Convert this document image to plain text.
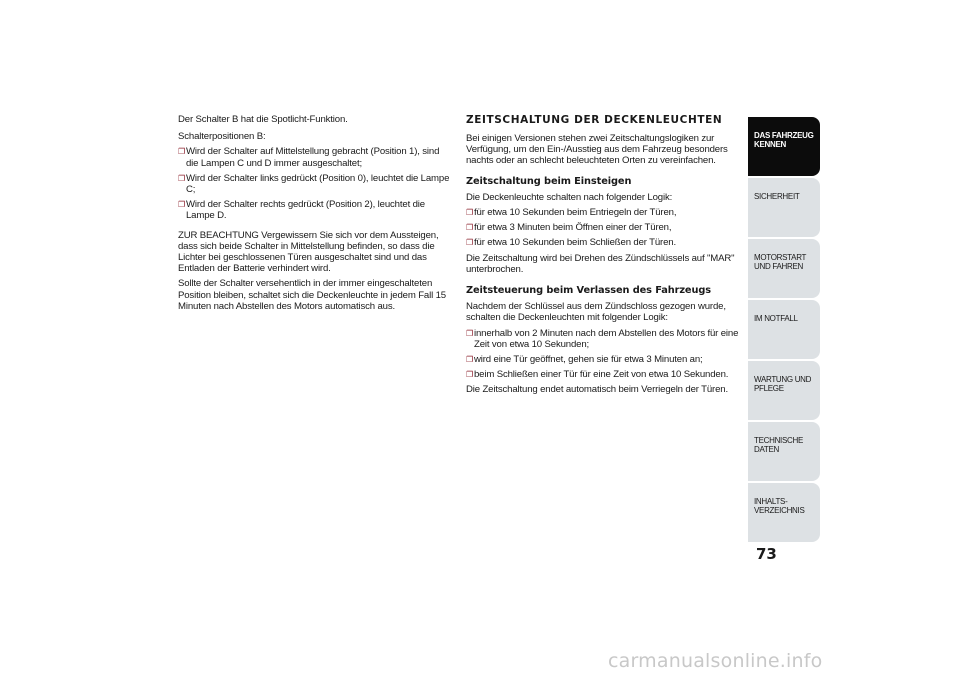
Der Schalter B hat die Spotlicht-Funktion.

Schalterpositionen B:

❐ Wird der Schalter auf Mittelstellung gebracht (Position 1), sind die Lampen C und D immer ausgeschaltet;
❐ Wird der Schalter links gedrückt (Position 0), leuchtet die Lampe C;
❐ Wird der Schalter rechts gedrückt (Position 2), leuchtet die Lampe D.

ZUR BEACHTUNG Vergewissern Sie sich vor dem Aussteigen, dass sich beide Schalter in Mittelstellung befinden, so dass die Lichter bei geschlossenen Türen ausgeschaltet sind und das Entladen der Batterie verhindert wird.

Sollte der Schalter versehentlich in der immer eingeschalteten Position bleiben, schaltet sich die Deckenleuchte in jedem Fall 15 Minuten nach Abstellen des Motors automatisch aus.

ZEITSCHALTUNG DER DECKENLEUCHTEN

Bei einigen Versionen stehen zwei Zeitschaltungslogiken zur Verfügung, um den Ein-/Ausstieg aus dem Fahrzeug besonders nachts oder an schlecht beleuchteten Orten zu vereinfachen.

Zeitschaltung beim Einsteigen

Die Deckenleuchte schalten nach folgender Logik:

❐ für etwa 10 Sekunden beim Entriegeln der Türen,
❐ für etwa 3 Minuten beim Öffnen einer der Türen,
❐ für etwa 10 Sekunden beim Schließen der Türen.

Die Zeitschaltung wird bei Drehen des Zündschlüssels auf "MAR" unterbrochen.

Zeitsteuerung beim Verlassen des Fahrzeugs

Nachdem der Schlüssel aus dem Zündschloss gezogen wurde, schalten die Deckenleuchten mit folgender Logik:

❐ innerhalb von 2 Minuten nach dem Abstellen des Motors für eine Zeit von etwa 10 Sekunden;
❐ wird eine Tür geöffnet, gehen sie für etwa 3 Minuten an;
❐ beim Schließen einer Tür für eine Zeit von etwa 10 Sekunden.

Die Zeitschaltung endet automatisch beim Verriegeln der Türen.

DAS FAHRZEUG KENNEN
SICHERHEIT
MOTORSTART UND FAHREN
IM NOTFALL
WARTUNG UND PFLEGE
TECHNISCHE DATEN
INHALTS- VERZEICHNIS
73
carmanualsonline.info
